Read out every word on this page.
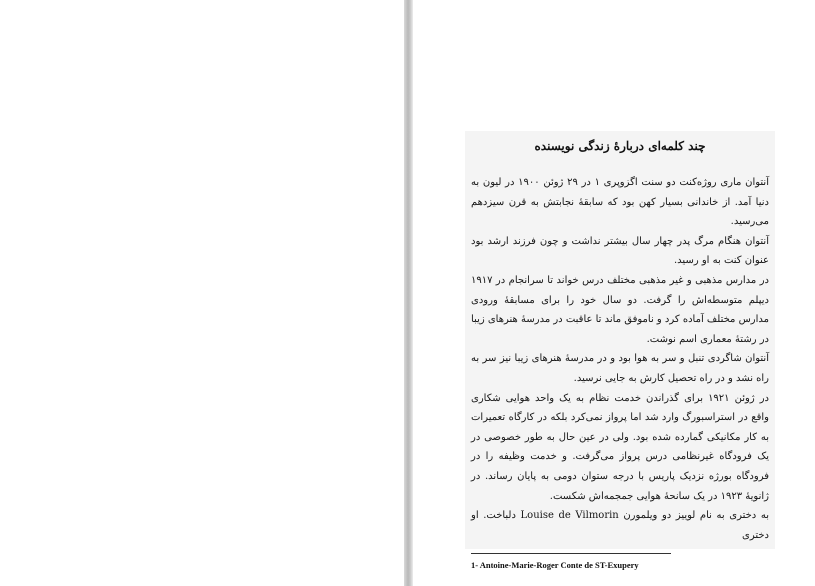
چند کلمه‌ای دربارهٔ زندگی نویسنده

آنتوان ماری روژه‌کنت دو سنت اگزوپری ۱ در ۲۹ ژوئن ۱۹۰۰ در لیون به دنیا آمد. از خاندانی بسیار کهن بود که سابقهٔ نجابتش به قرن سیزدهم می‌رسید.

آنتوان هنگام مرگ پدر چهار سال بیشتر نداشت و چون فرزند ارشد بود عنوان کنت به او رسید.

در مدارس مذهبی و غیر مذهبی مختلف درس خواند تا سرانجام در ۱۹۱۷ دیپلم متوسطه‌اش را گرفت. دو سال خود را برای مسابقهٔ ورودی مدارس مختلف آماده کرد و ناموفق ماند تا عاقبت در مدرسهٔ هنرهای زیبا در رشتهٔ معماری اسم نوشت.

آنتوان شاگردی تنبل و سر به هوا بود و در مدرسهٔ هنرهای زیبا نیز سر به راه نشد و در راه تحصیل کارش به جایی نرسید.

در ژوئن ۱۹۲۱ برای گذراندن خدمت نظام به یک واحد هوایی شکاری واقع در استراسبورگ وارد شد اما پرواز نمی‌کرد بلکه در کارگاه تعمیرات به کار مکانیکی گمارده شده بود. ولی در عین حال به طور خصوصی در یک فرودگاه غیرنظامی درس پرواز می‌گرفت. و خدمت وظیفه را در فرودگاه بورژه نزدیک پاریس با درجه ستوان دومی به پایان رساند. در ژانویهٔ ۱۹۲۳ در یک سانحهٔ هوایی جمجمه‌اش شکست.

به دختری به نام لوییز دو ویلمورن Louise de Vilmorin دلباخت. او دختری

1- Antoine-Marie-Roger Conte de ST-Exupery
